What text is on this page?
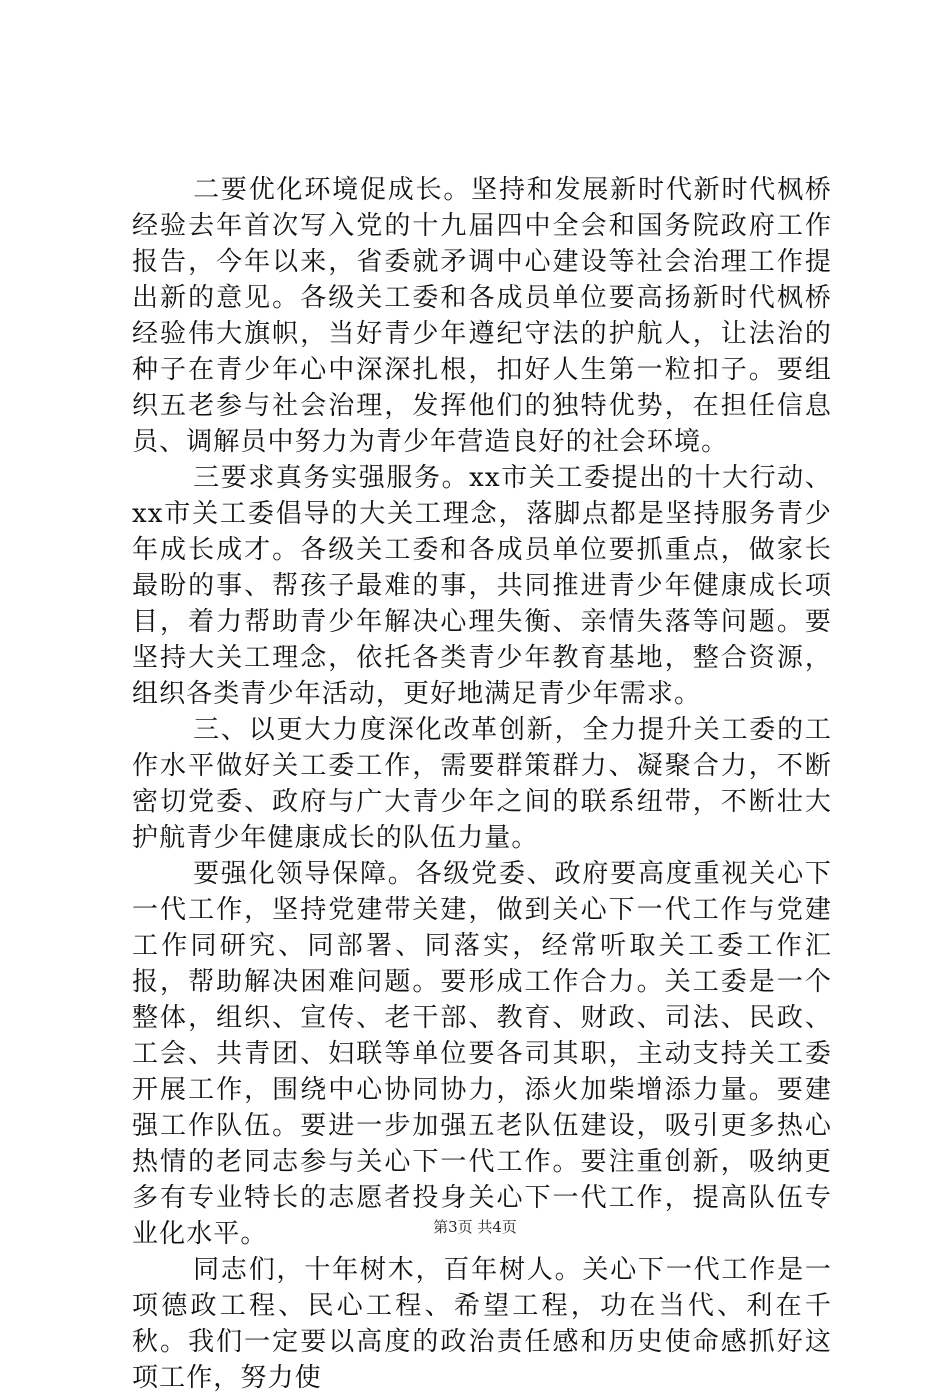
二要优化环境促成长。坚持和发展新时代新时代枫桥经验去年首次写入党的十九届四中全会和国务院政府工作报告，今年以来，省委就矛调中心建设等社会治理工作提出新的意见。各级关工委和各成员单位要高扬新时代枫桥经验伟大旗帜，当好青少年遵纪守法的护航人，让法治的种子在青少年心中深深扎根，扣好人生第一粒扣子。要组织五老参与社会治理，发挥他们的独特优势，在担任信息员、调解员中努力为青少年营造良好的社会环境。

三要求真务实强服务。xx市关工委提出的十大行动、xx市关工委倡导的大关工理念，落脚点都是坚持服务青少年成长成才。各级关工委和各成员单位要抓重点，做家长最盼的事、帮孩子最难的事，共同推进青少年健康成长项目，着力帮助青少年解决心理失衡、亲情失落等问题。要坚持大关工理念，依托各类青少年教育基地，整合资源，组织各类青少年活动，更好地满足青少年需求。

三、以更大力度深化改革创新，全力提升关工委的工作水平做好关工委工作，需要群策群力、凝聚合力，不断密切党委、政府与广大青少年之间的联系纽带，不断壮大护航青少年健康成长的队伍力量。

要强化领导保障。各级党委、政府要高度重视关心下一代工作，坚持党建带关建，做到关心下一代工作与党建工作同研究、同部署、同落实，经常听取关工委工作汇报，帮助解决困难问题。要形成工作合力。关工委是一个整体，组织、宣传、老干部、教育、财政、司法、民政、工会、共青团、妇联等单位要各司其职，主动支持关工委开展工作，围绕中心协同协力，添火加柴增添力量。要建强工作队伍。要进一步加强五老队伍建设，吸引更多热心热情的老同志参与关心下一代工作。要注重创新，吸纳更多有专业特长的志愿者投身关心下一代工作，提高队伍专业化水平。

同志们，十年树木，百年树人。关心下一代工作是一项德政工程、民心工程、希望工程，功在当代、利在千秋。我们一定要以高度的政治责任感和历史使命感抓好这项工作，努力使

第3页 共4页
